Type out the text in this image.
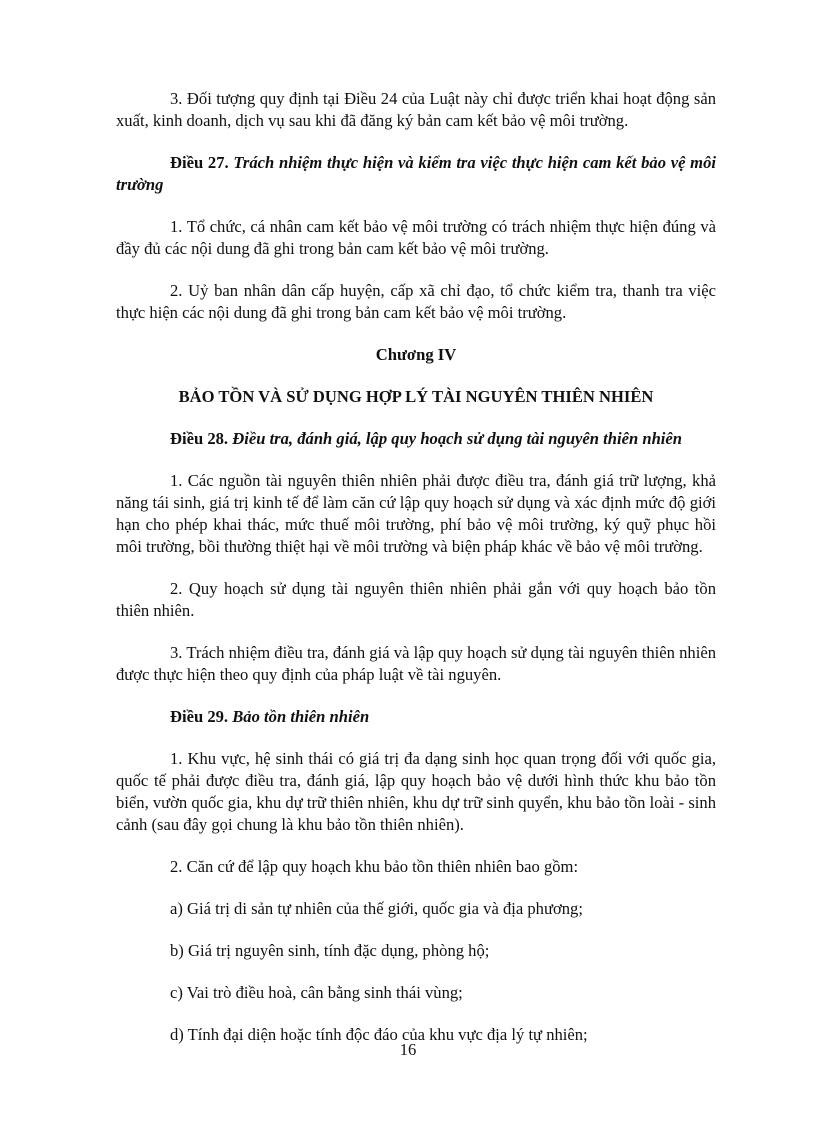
3. Đối tượng quy định tại Điều 24 của Luật này chỉ được triển khai hoạt động sản xuất, kinh doanh, dịch vụ sau khi đã đăng ký bản cam kết bảo vệ môi trường.

Điều 27. Trách nhiệm thực hiện và kiểm tra việc thực hiện cam kết bảo vệ môi trường

1. Tổ chức, cá nhân cam kết bảo vệ môi trường có trách nhiệm thực hiện đúng và đầy đủ các nội dung đã ghi trong bản cam kết bảo vệ môi trường.

2. Uỷ ban nhân dân cấp huyện, cấp xã chỉ đạo, tổ chức kiểm tra, thanh tra việc thực hiện các nội dung đã ghi trong bản cam kết bảo vệ môi trường.

Chương IV

BẢO TỒN VÀ SỬ DỤNG HỢP LÝ TÀI NGUYÊN THIÊN NHIÊN

Điều 28. Điều tra, đánh giá, lập quy hoạch sử dụng tài nguyên thiên nhiên

1. Các nguồn tài nguyên thiên nhiên phải được điều tra, đánh giá trữ lượng, khả năng tái sinh, giá trị kinh tế để làm căn cứ lập quy hoạch sử dụng và xác định mức độ giới hạn cho phép khai thác, mức thuế môi trường, phí bảo vệ môi trường, ký quỹ phục hồi môi trường, bồi thường thiệt hại về môi trường và biện pháp khác về bảo vệ môi trường.

2. Quy hoạch sử dụng tài nguyên thiên nhiên phải gắn với quy hoạch bảo tồn thiên nhiên.

3. Trách nhiệm điều tra, đánh giá và lập quy hoạch sử dụng tài nguyên thiên nhiên được thực hiện theo quy định của pháp luật về tài nguyên.

Điều 29. Bảo tồn thiên nhiên

1. Khu vực, hệ sinh thái có giá trị đa dạng sinh học quan trọng đối với quốc gia, quốc tế phải được điều tra, đánh giá, lập quy hoạch bảo vệ dưới hình thức khu bảo tồn biển, vườn quốc gia, khu dự trữ thiên nhiên, khu dự trữ sinh quyển, khu bảo tồn loài - sinh cảnh (sau đây gọi chung là khu bảo tồn thiên nhiên).

2. Căn cứ để lập quy hoạch khu bảo tồn thiên nhiên bao gồm:

a) Giá trị di sản tự nhiên của thế giới, quốc gia và địa phương;

b) Giá trị nguyên sinh, tính đặc dụng, phòng hộ;

c) Vai trò điều hoà, cân bằng sinh thái vùng;

d) Tính đại diện hoặc tính độc đáo của khu vực địa lý tự nhiên;

16
